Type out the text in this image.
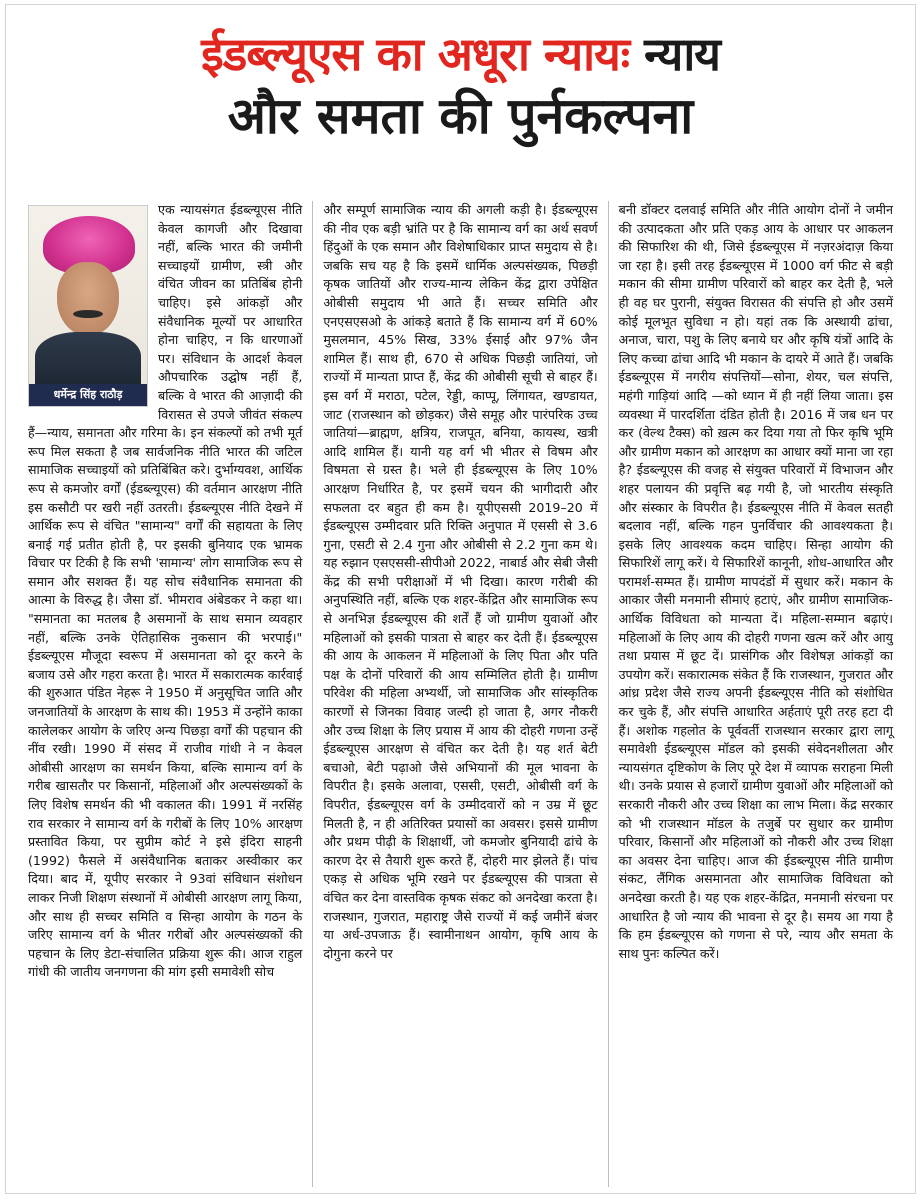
ईडब्ल्यूएस का अधूरा न्यायः न्याय
और समता की पुर्नकल्पना
धर्मेन्द्र सिंह राठौड़

एक न्यायसंगत ईडब्ल्यूएस नीति केवल कागजी और दिखावा नहीं, बल्कि भारत की जमीनी सच्चाइयों ग्रामीण, स्त्री और वंचित जीवन का प्रतिबिंब होनी चाहिए। इसे आंकड़ों और संवैधानिक मूल्यों पर आधारित होना चाहिए, न कि धारणाओं पर। संविधान के आदर्श केवल औपचारिक उद्घोष नहीं हैं, बल्कि वे भारत की आज़ादी की विरासत से उपजे जीवंत संकल्प हैं—न्याय, समानता और गरिमा के। इन संकल्पों को तभी मूर्त रूप मिल सकता है जब सार्वजनिक नीति भारत की जटिल सामाजिक सच्चाइयों को प्रतिबिंबित करे। दुर्भाग्यवश, आर्थिक रूप से कमजोर वर्गों (ईडब्ल्यूएस) की वर्तमान आरक्षण नीति इस कसौटी पर खरी नहीं उतरती। ईडब्ल्यूएस नीति देखने में आर्थिक रूप से वंचित "सामान्य" वर्गों की सहायता के लिए बनाई गई प्रतीत होती है, पर इसकी बुनियाद एक भ्रामक विचार पर टिकी है कि सभी 'सामान्य' लोग सामाजिक रूप से समान और सशक्त हैं। यह सोच संवैधानिक समानता की आत्मा के विरुद्ध है। जैसा डॉ. भीमराव अंबेडकर ने कहा था। "समानता का मतलब है असमानों के साथ समान व्यवहार नहीं, बल्कि उनके ऐतिहासिक नुकसान की भरपाई।" ईडब्ल्यूएस मौजूदा स्वरूप में असमानता को दूर करने के बजाय उसे और गहरा करता है। भारत में सकारात्मक कार्रवाई की शुरुआत पंडित नेहरू ने 1950 में अनुसूचित जाति और जनजातियों के आरक्षण के साथ की। 1953 में उन्होंने काका कालेलकर आयोग के जरिए अन्य पिछड़ा वर्गों की पहचान की नींव रखी। 1990 में संसद में राजीव गांधी ने न केवल ओबीसी आरक्षण का समर्थन किया, बल्कि सामान्य वर्ग के गरीब खासतौर पर किसानों, महिलाओं और अल्पसंख्यकों के लिए विशेष समर्थन की भी वकालत की। 1991 में नरसिंह राव सरकार ने सामान्य वर्ग के गरीबों के लिए 10% आरक्षण प्रस्तावित किया, पर सुप्रीम कोर्ट ने इसे इंदिरा साहनी (1992) फैसले में असंवैधानिक बताकर अस्वीकार कर दिया। बाद में, यूपीए सरकार ने 93वां संविधान संशोधन लाकर निजी शिक्षण संस्थानों में ओबीसी आरक्षण लागू किया, और साथ ही सच्चर समिति व सिन्हा आयोग के गठन के जरिए सामान्य वर्ग के भीतर गरीबों और अल्पसंख्यकों की पहचान के लिए डेटा-संचालित प्रक्रिया शुरू की। आज राहुल गांधी की जातीय जनगणना की मांग इसी समावेशी सोच

और सम्पूर्ण सामाजिक न्याय की अगली कड़ी है। ईडब्ल्यूएस की नीव एक बड़ी भ्रांति पर है कि सामान्य वर्ग का अर्थ सवर्ण हिंदुओं के एक समान और विशेषाधिकार प्राप्त समुदाय से है। जबकि सच यह है कि इसमें धार्मिक अल्पसंख्यक, पिछड़ी कृषक जातियों और राज्य-मान्य लेकिन केंद्र द्वारा उपेक्षित ओबीसी समुदाय भी आते हैं। सच्चर समिति और एनएसएसओ के आंकड़े बताते हैं कि सामान्य वर्ग में 60% मुसलमान, 45% सिख, 33% ईसाई और 97% जैन शामिल हैं। साथ ही, 670 से अधिक पिछड़ी जातियां, जो राज्यों में मान्यता प्राप्त हैं, केंद्र की ओबीसी सूची से बाहर हैं। इस वर्ग में मराठा, पटेल, रेड्डी, काप्पू, लिंगायत, खण्डायत, जाट (राजस्थान को छोड़कर) जैसे समूह और पारंपरिक उच्च जातियां—ब्राह्मण, क्षत्रिय, राजपूत, बनिया, कायस्थ, खत्री आदि शामिल हैं। यानी यह वर्ग भी भीतर से विषम और विषमता से ग्रस्त है। भले ही ईडब्ल्यूएस के लिए 10% आरक्षण निर्धारित है, पर इसमें चयन की भागीदारी और सफलता दर बहुत ही कम है। यूपीएससी 2019–20 में ईडब्ल्यूएस उम्मीदवार प्रति रिक्ति अनुपात में एससी से 3.6 गुना, एसटी से 2.4 गुना और ओबीसी से 2.2 गुना कम थे। यह रुझान एसएससी-सीपीओ 2022, नाबार्ड और सेबी जैसी केंद्र की सभी परीक्षाओं में भी दिखा। कारण गरीबी की अनुपस्थिति नहीं, बल्कि एक शहर-केंद्रित और सामाजिक रूप से अनभिज्ञ ईडब्ल्यूएस की शर्तें हैं जो ग्रामीण युवाओं और महिलाओं को इसकी पात्रता से बाहर कर देती हैं। ईडब्ल्यूएस की आय के आकलन में महिलाओं के लिए पिता और पति पक्ष के दोनों परिवारों की आय सम्मिलित होती है। ग्रामीण परिवेश की महिला अभ्यर्थी, जो सामाजिक और सांस्कृतिक कारणों से जिनका विवाह जल्दी हो जाता है, अगर नौकरी और उच्च शिक्षा के लिए प्रयास में आय की दोहरी गणना उन्हें ईडब्ल्यूएस आरक्षण से वंचित कर देती है। यह शर्त बेटी बचाओ, बेटी पढ़ाओ जैसे अभियानों की मूल भावना के विपरीत है। इसके अलावा, एससी, एसटी, ओबीसी वर्ग के विपरीत, ईडब्ल्यूएस वर्ग के उम्मीदवारों को न उम्र में छूट मिलती है, न ही अतिरिक्त प्रयासों का अवसर। इससे ग्रामीण और प्रथम पीढ़ी के शिक्षार्थी, जो कमजोर बुनियादी ढांचे के कारण देर से तैयारी शुरू करते हैं, दोहरी मार झेलते हैं। पांच एकड़ से अधिक भूमि रखने पर ईडब्ल्यूएस की पात्रता से वंचित कर देना वास्तविक कृषक संकट को अनदेखा करता है। राजस्थान, गुजरात, महाराष्ट्र जैसे राज्यों में कई जमीनें बंजर या अर्ध-उपजाऊ हैं। स्वामीनाथन आयोग, कृषि आय के दोगुना करने पर

बनी डॉक्टर दलवाई समिति और नीति आयोग दोनों ने जमीन की उत्पादकता और प्रति एकड़ आय के आधार पर आकलन की सिफारिश की थी, जिसे ईडब्ल्यूएस में नज़रअंदाज़ किया जा रहा है। इसी तरह ईडब्ल्यूएस में 1000 वर्ग फीट से बड़ी मकान की सीमा ग्रामीण परिवारों को बाहर कर देती है, भले ही वह घर पुरानी, संयुक्त विरासत की संपत्ति हो और उसमें कोई मूलभूत सुविधा न हो। यहां तक कि अस्थायी ढांचा, अनाज, चारा, पशु के लिए बनाये घर और कृषि यंत्रों आदि के लिए कच्चा ढांचा आदि भी मकान के दायरे में आते हैं। जबकि ईडब्ल्यूएस में नगरीय संपत्तियों—सोना, शेयर, चल संपत्ति, महंगी गाड़ियां आदि —को ध्यान में ही नहीं लिया जाता। इस व्यवस्था में पारदर्शिता दंडित होती है। 2016 में जब धन पर कर (वेल्थ टैक्स) को ख़त्म कर दिया गया तो फिर कृषि भूमि और ग्रामीण मकान को आरक्षण का आधार क्यों माना जा रहा है? ईडब्ल्यूएस की वजह से संयुक्त परिवारों में विभाजन और शहर पलायन की प्रवृत्ति बढ़ गयी है, जो भारतीय संस्कृति और संस्कार के विपरीत है। ईडब्ल्यूएस नीति में केवल सतही बदलाव नहीं, बल्कि गहन पुनर्विचार की आवश्यकता है। इसके लिए आवश्यक कदम चाहिए। सिन्हा आयोग की सिफारिशें लागू करें। ये सिफारिशें कानूनी, शोध-आधारित और परामर्श-सम्मत हैं। ग्रामीण मापदंडों में सुधार करें। मकान के आकार जैसी मनमानी सीमाएं हटाएं, और ग्रामीण सामाजिक-आर्थिक विविधता को मान्यता दें। महिला-सम्मान बढ़ाएं। महिलाओं के लिए आय की दोहरी गणना खत्म करें और आयु तथा प्रयास में छूट दें। प्रासंगिक और विशेषज्ञ आंकड़ों का उपयोग करें। सकारात्मक संकेत हैं कि राजस्थान, गुजरात और आंध्र प्रदेश जैसे राज्य अपनी ईडब्ल्यूएस नीति को संशोधित कर चुके हैं, और संपत्ति आधारित अर्हताएं पूरी तरह हटा दी हैं। अशोक गहलोत के पूर्ववर्ती राजस्थान सरकार द्वारा लागू समावेशी ईडब्ल्यूएस मॉडल को इसकी संवेदनशीलता और न्यायसंगत दृष्टिकोण के लिए पूरे देश में व्यापक सराहना मिली थी। उनके प्रयास से हजारों ग्रामीण युवाओं और महिलाओं को सरकारी नौकरी और उच्च शिक्षा का लाभ मिला। केंद्र सरकार को भी राजस्थान मॉडल के तजुर्बे पर सुधार कर ग्रामीण परिवार, किसानों और महिलाओं को नौकरी और उच्च शिक्षा का अवसर देना चाहिए। आज की ईडब्ल्यूएस नीति ग्रामीण संकट, लैंगिक असमानता और सामाजिक विविधता को अनदेखा करती है। यह एक शहर-केंद्रित, मनमानी संरचना पर आधारित है जो न्याय की भावना से दूर है। समय आ गया है कि हम ईडब्ल्यूएस को गणना से परे, न्याय और समता के साथ पुनः कल्पित करें।
